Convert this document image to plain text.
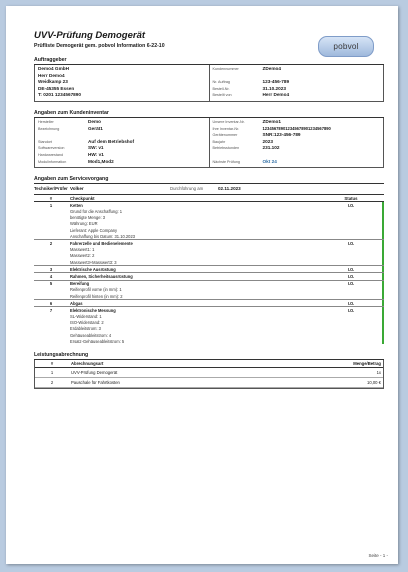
UVV-Prüfung Demogerät
Prüfliste Demogerät gem. pobvol Information 6-22-10	pobvol
Auftraggeber
Demo4 GmbH
Herr Demo4
Weidkamp 23
DE-45355 Essen
T: 0201 1234567890
Kundennummer	ZDemo4
Nr. Auftrag	123-456-789
Bestell-Nr.	31.10.2023
Bestellt von	Herr Demo4
Angaben zum Kundeninventar
Hersteller	Demo
Bezeichnung	Gerät1
Standort	Auf dem Betriebshof
Softwareversion	SW: v1
Hardwarestand	HW: v1
Modulinformation	Mod1,Mod2
Unsere Inventar-Nr.	ZDemo1
Ihre Inventar-Nr.	12345678901234567890123456789​0
Gerätenummer	SNR:123-456-789
Baujahr	2023
Betriebsstunden	231.102
Nächste Prüfung	Okt 24
Angaben zum Servicevorgang
Techniker/Prüfer Volker	Durchführung am	02.11.2023
#	Checkpunkt	Status	
1	Ketten	I.O.	
	Grund für die Anschaffung: 1		
	benötigte Menge: 3		
	Währung: EUR		
	Lieferant: Apple Company		
	Anschaffung bis Datum: 31.10.2023		
2	Fahrerzelle und Bedienelemente	I.O.	
	Masswert1: 1		
	Masswert2: 2		
	Masswert3+Masswert3: 3		
3	Elektrische Ausrüstung	I.O.	
4	Rahmen, Sicherheitsausrüstung	I.O.	
5	Bereifung	I.O.	
	Reifenprofil vorne (in mm): 1		
	Reifenprofil hinten (in mm): 2		
6	Abgas	I.O.	
7	Elektronische Messung	I.O.	
	SL-Widerstand: 1		
	ISO-Widerstand: 2		
	Erdableitstrom: 3		
	Gehäuseableitstrom: 4		
	Ersatz-Gehäuseableitstrom: 5		
Leistungsabrechnung
#	Abrechnungsart	Menge/Betrag
1	UVV-Prüfung Demogerät	1x
2	Pauschale für Fahrtkosten	10,00 €
Seite - 1 -
